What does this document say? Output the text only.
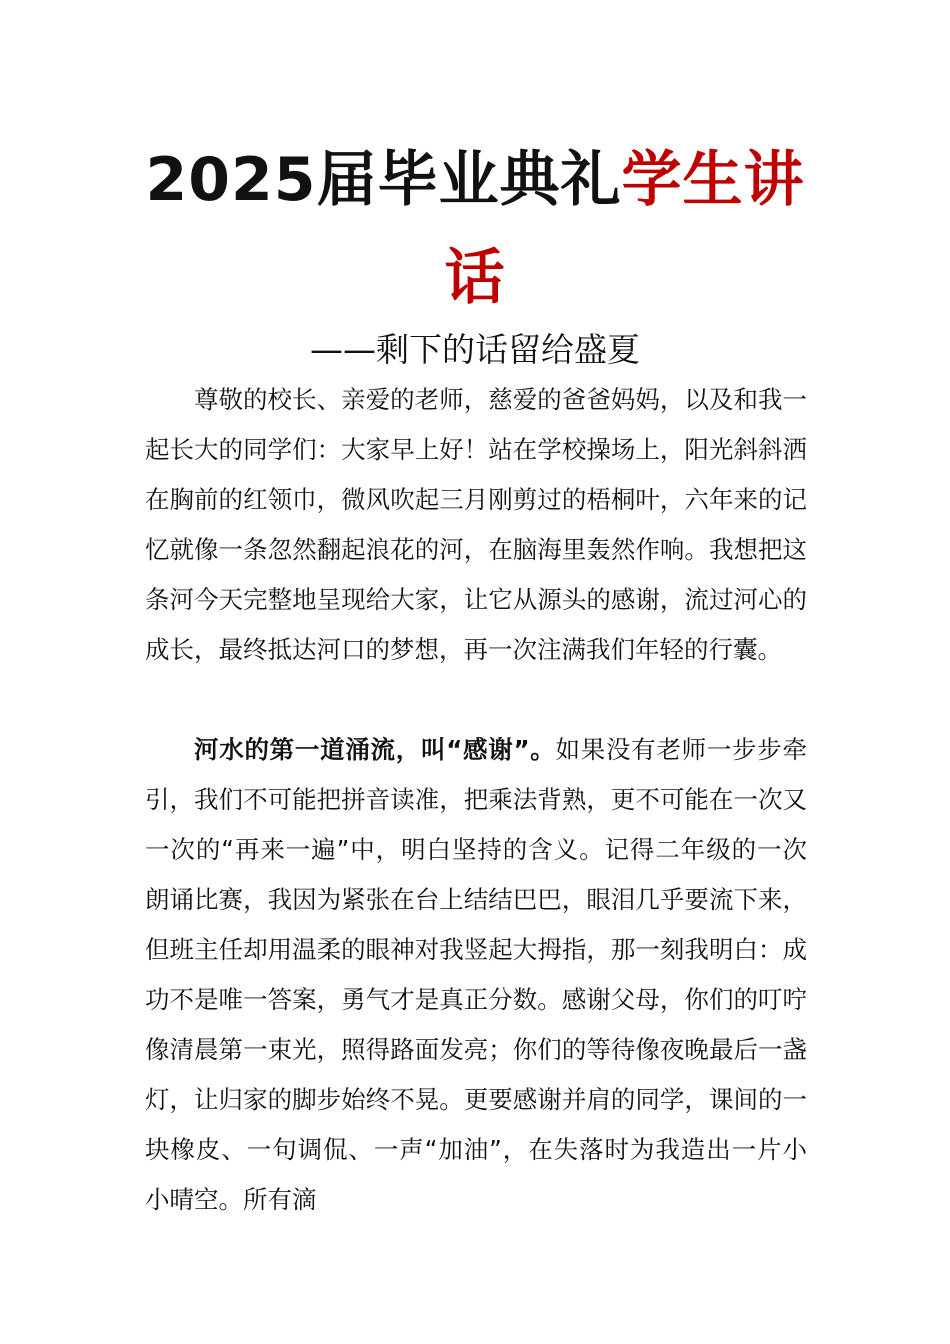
2025届毕业典礼学生讲
话
——剩下的话留给盛夏

尊敬的校长、亲爱的老师，慈爱的爸爸妈妈，以及和我一起长大的同学们：大家早上好！站在学校操场上，阳光斜斜洒在胸前的红领巾，微风吹起三月刚剪过的梧桐叶，六年来的记忆就像一条忽然翻起浪花的河，在脑海里轰然作响。我想把这条河今天完整地呈现给大家，让它从源头的感谢，流过河心的成长，最终抵达河口的梦想，再一次注满我们年轻的行囊。

河水的第一道涌流，叫“感谢”。如果没有老师一步步牵引，我们不可能把拼音读准，把乘法背熟，更不可能在一次又一次的“再来一遍”中，明白坚持的含义。记得二年级的一次朗诵比赛，我因为紧张在台上结结巴巴，眼泪几乎要流下来，但班主任却用温柔的眼神对我竖起大拇指，那一刻我明白：成功不是唯一答案，勇气才是真正分数。感谢父母，你们的叮咛像清晨第一束光，照得路面发亮；你们的等待像夜晚最后一盏灯，让归家的脚步始终不晃。更要感谢并肩的同学，课间的一块橡皮、一句调侃、一声“加油”，在失落时为我造出一片小小晴空。所有滴
